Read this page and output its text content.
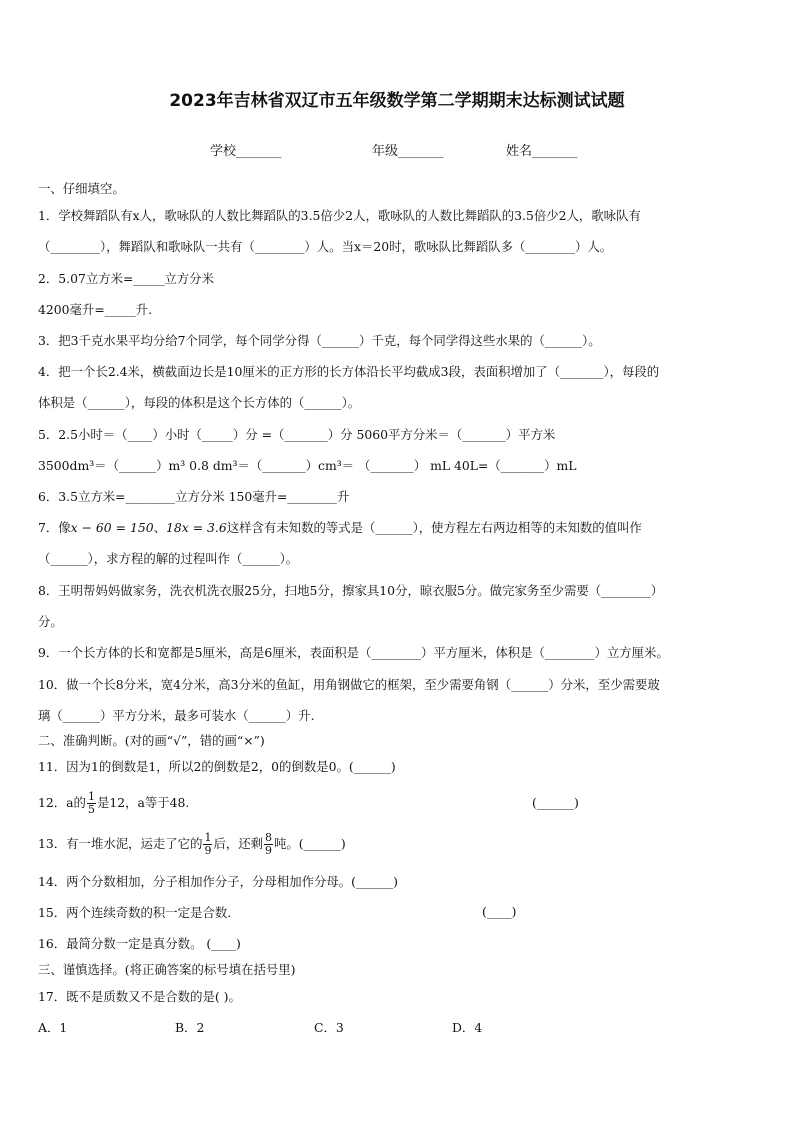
2023年吉林省双辽市五年级数学第二学期期末达标测试试题
学校_______	年级_______	姓名_______
一、仔细填空。
1．学校舞蹈队有x人，歌咏队的人数比舞蹈队的3.5倍少2人，歌咏队的人数比舞蹈队的3.5倍少2人，歌咏队有
（________），舞蹈队和歌咏队一共有（________）人。当x＝20时，歌咏队比舞蹈队多（________）人。
2．5.07立方米=_____立方分米
4200毫升=_____升.
3．把3千克水果平均分给7个同学，每个同学分得（______）千克，每个同学得这些水果的（______）。
4．把一个长2.4米，横截面边长是10厘米的正方形的长方体沿长平均截成3段，表面积增加了（_______），每段的
体积是（______），每段的体积是这个长方体的（______）。
5．2.5小时＝（____）小时（_____）分 =（_______）分 5060平方分米＝（_______）平方米
3500dm³＝（______）m³ 0.8 dm³＝（_______）cm³＝ （_______） mL 40L=（_______）mL
6．3.5立方米=________立方分米 150毫升=________升
7．像x − 60 = 150、18x = 3.6这样含有未知数的等式是（______），使方程左右两边相等的未知数的值叫作
（______），求方程的解的过程叫作（______）。
8．王明帮妈妈做家务，洗衣机洗衣服25分，扫地5分，擦家具10分，晾衣服5分。做完家务至少需要（________）
分。
9．一个长方体的长和宽都是5厘米，高是6厘米，表面积是（________）平方厘米，体积是（________）立方厘米。
10．做一个长8分米，宽4分米，高3分米的鱼缸，用角钢做它的框架，至少需要角钢（______）分米，至少需要玻
璃（______）平方分米，最多可装水（______）升.
二、准确判断。(对的画“√”，错的画“×”)
11．因为1的倒数是1，所以2的倒数是2，0的倒数是0。(______)
12．a的 $\frac{1}{5}$ 是12，a等于48.	(______)
13．有一堆水泥，运走了它的 $\frac{1}{9}$ 后，还剩 $\frac{8}{9}$ 吨。(______)
14．两个分数相加，分子相加作分子，分母相加作分母。(______)
15．两个连续奇数的积一定是合数.	(____)
16．最简分数一定是真分数。 (____)
三、谨慎选择。(将正确答案的标号填在括号里)
17．既不是质数又不是合数的是( )。
A．1	B．2	C．3	D．4
